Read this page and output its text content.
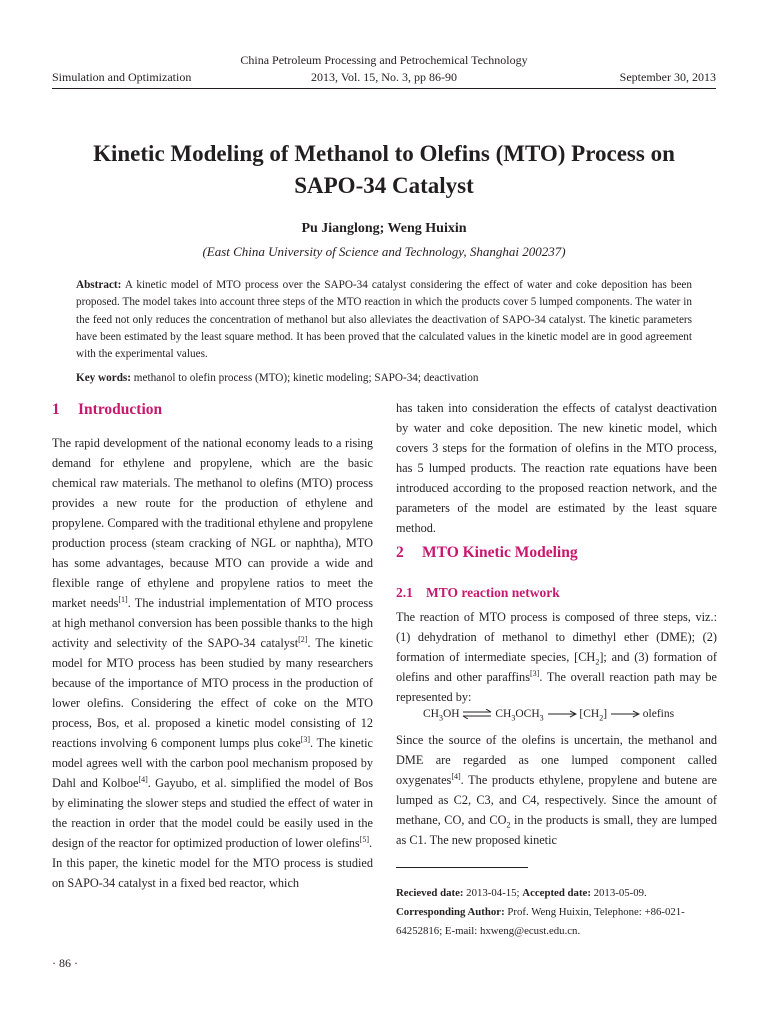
China Petroleum Processing and Petrochemical Technology
Simulation and Optimization	2013, Vol. 15, No. 3, pp 86-90	September 30, 2013
Kinetic Modeling of Methanol to Olefins (MTO) Process on
SAPO-34 Catalyst
Pu Jianglong; Weng Huixin
(East China University of Science and Technology, Shanghai 200237)
Abstract: A kinetic model of MTO process over the SAPO-34 catalyst considering the effect of water and coke deposition has been proposed. The model takes into account three steps of the MTO reaction in which the products cover 5 lumped components. The water in the feed not only reduces the concentration of methanol but also alleviates the deactivation of SAPO-34 catalyst. The kinetic parameters have been estimated by the least square method. It has been proved that the calculated values in the kinetic model are in good agreement with the experimental values.
Key words: methanol to olefin process (MTO); kinetic modeling; SAPO-34; deactivation
1 Introduction

The rapid development of the national economy leads to a rising demand for ethylene and propylene, which are the basic chemical raw materials. The methanol to olefins (MTO) process provides a new route for the production of ethylene and propylene. Compared with the traditional ethylene and propylene production process (steam cracking of NGL or naphtha), MTO has some advantages, because MTO can provide a wide and flexible range of ethylene and propylene ratios to meet the market needs[1]. The industrial implementation of MTO process at high methanol conversion has been possible thanks to the high activity and selectivity of the SAPO-34 catalyst[2]. The kinetic model for MTO process has been studied by many researchers because of the importance of MTO process in the production of lower olefins. Considering the effect of coke on the MTO process, Bos, et al. proposed a kinetic model consisting of 12 reactions involving 6 component lumps plus coke[3]. The kinetic model agrees well with the carbon pool mechanism proposed by Dahl and Kolboe[4]. Gayubo, et al. simplified the model of Bos by eliminating the slower steps and studied the effect of water in the reaction in order that the model could be easily used in the design of the reactor for optimized production of lower olefins[5].

In this paper, the kinetic model for the MTO process is studied on SAPO-34 catalyst in a fixed bed reactor, which

has taken into consideration the effects of catalyst deactivation by water and coke deposition. The new kinetic model, which covers 3 steps for the formation of olefins in the MTO process, has 5 lumped products. The reaction rate equations have been introduced according to the proposed reaction network, and the parameters of the model are estimated by the least square method.

2 MTO Kinetic Modeling
2.1 MTO reaction network

The reaction of MTO process is composed of three steps, viz.: (1) dehydration of methanol to dimethyl ether (DME); (2) formation of intermediate species, $[CH_2]$; and (3) formation of olefins and other paraffins[3]. The overall reaction path may be represented by:

$CH_3OH$ ⇌ $CH_3OCH_3$	$[CH_2]$	olefins

Since the source of the olefins is uncertain, the methanol and DME are regarded as one lumped component called oxygenates[4]. The products ethylene, propylene and butene are lumped as C2, C3, and C4, respectively. Since the amount of methane, CO, and $CO_2$ in the products is small, they are lumped as C1. The new proposed kinetic

Recieved date: 2013-04-15; Accepted date: 2013-05-09.
Corresponding Author: Prof. Weng Huixin, Telephone: +86-021-64252816; E-mail: hxweng@ecust.edu.cn.
· 86 ·
